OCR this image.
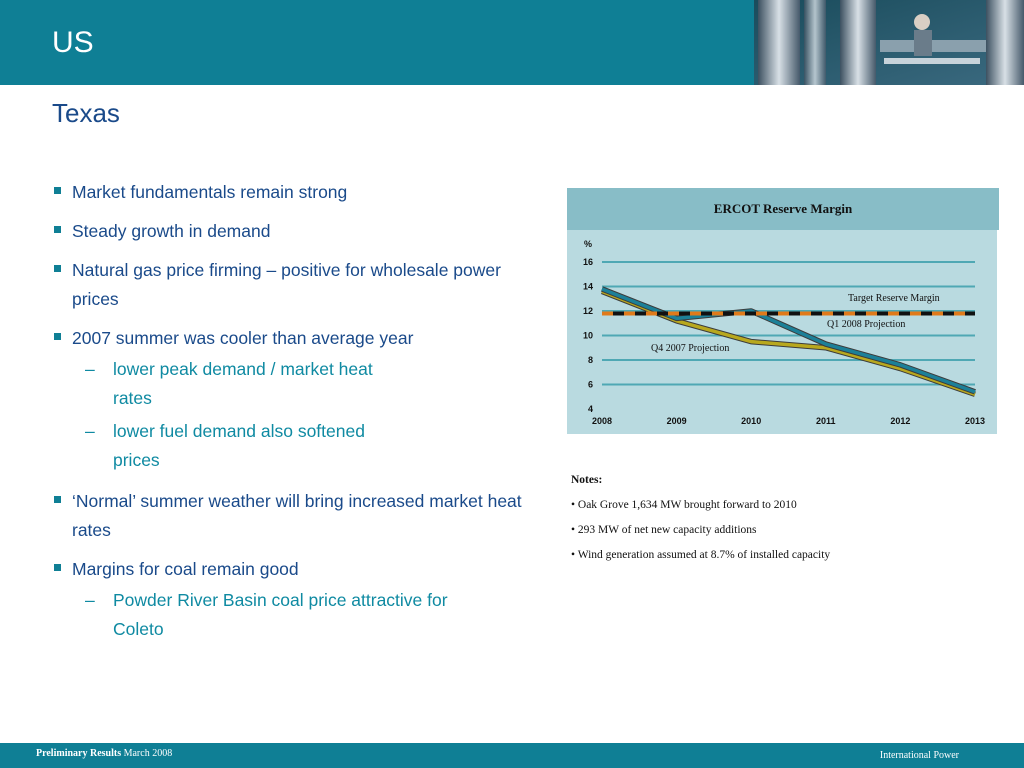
US
Texas
Market fundamentals remain strong
Steady growth in demand
Natural gas price firming – positive for wholesale power prices
2007 summer was cooler than average year
– lower peak demand / market heat rates
– lower fuel demand also softened prices
‘Normal’ summer weather will bring increased market heat rates
Margins for coal remain good
– Powder River Basin coal price attractive for Coleto
ERCOT Reserve Margin
4
6
8
10
12
14
16
%
2008	2009	2010	2011	2012	2013
Target Reserve Margin
Q1 2008 Projection
Q4 2007 Projection
Notes:
• Oak Grove 1,634 MW brought forward to 2010
• 293 MW of net new capacity additions
• Wind generation assumed at 8.7% of installed capacity
Preliminary Results March 2008	International Power
